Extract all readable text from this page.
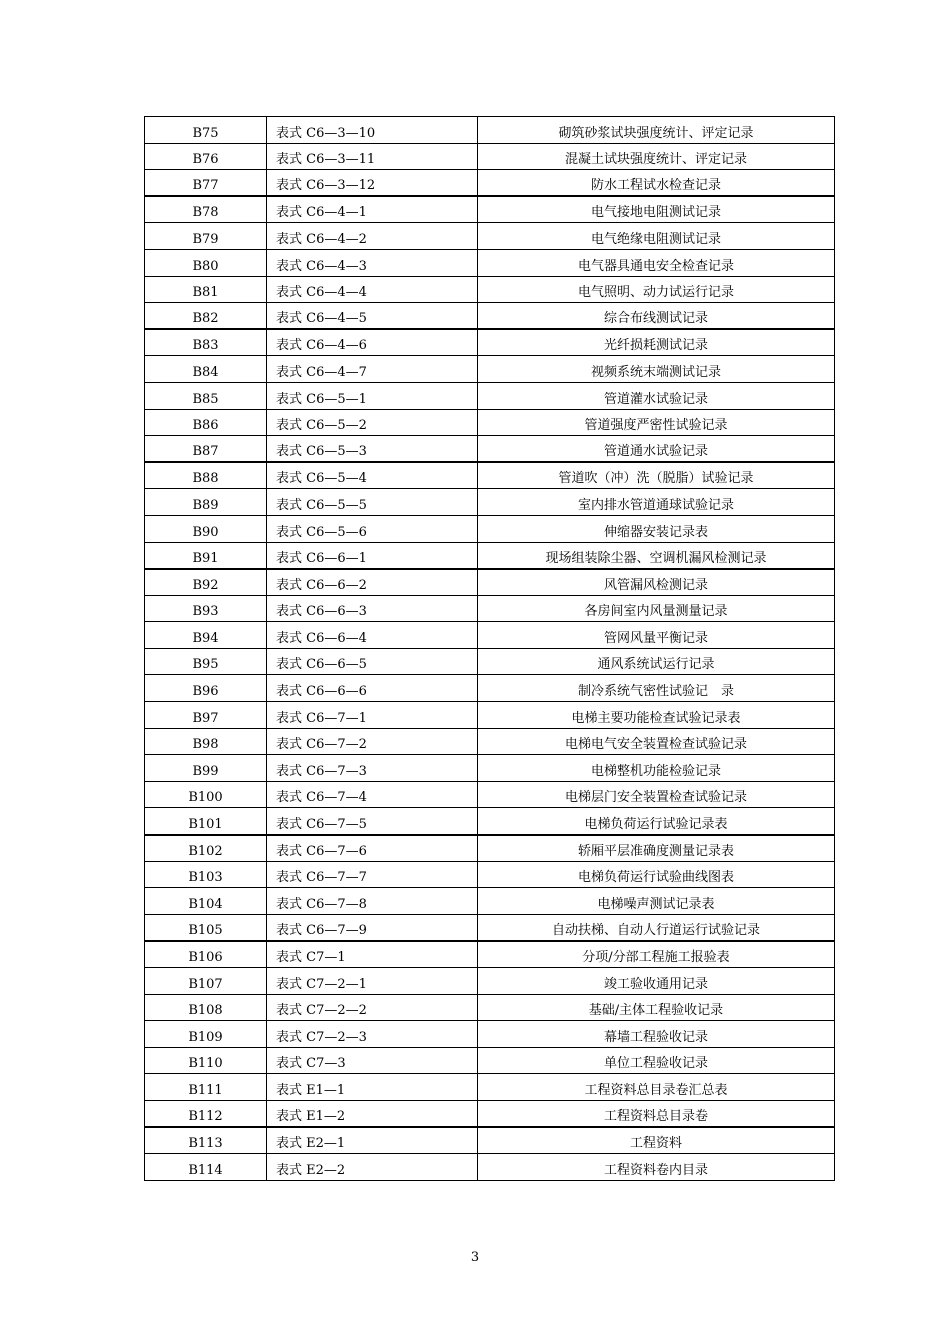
B75	表式 C6—3—10	砌筑砂浆试块强度统计、评定记录
B76	表式 C6—3—11	混凝土试块强度统计、评定记录
B77	表式 C6—3—12	防水工程试水检查记录
B78	表式 C6—4—1	电气接地电阻测试记录
B79	表式 C6—4—2	电气绝缘电阻测试记录
B80	表式 C6—4—3	电气器具通电安全检查记录
B81	表式 C6—4—4	电气照明、动力试运行记录
B82	表式 C6—4—5	综合布线测试记录
B83	表式 C6—4—6	光纤损耗测试记录
B84	表式 C6—4—7	视频系统末端测试记录
B85	表式 C6—5—1	管道灌水试验记录
B86	表式 C6—5—2	管道强度严密性试验记录
B87	表式 C6—5—3	管道通水试验记录
B88	表式 C6—5—4	管道吹（冲）洗（脱脂）试验记录
B89	表式 C6—5—5	室内排水管道通球试验记录
B90	表式 C6—5—6	伸缩器安装记录表
B91	表式 C6—6—1	现场组装除尘器、空调机漏风检测记录
B92	表式 C6—6—2	风管漏风检测记录
B93	表式 C6—6—3	各房间室内风量测量记录
B94	表式 C6—6—4	管网风量平衡记录
B95	表式 C6—6—5	通风系统试运行记录
B96	表式 C6—6—6	制冷系统气密性试验记　录
B97	表式 C6—7—1	电梯主要功能检查试验记录表
B98	表式 C6—7—2	电梯电气安全装置检查试验记录
B99	表式 C6—7—3	电梯整机功能检验记录
B100	表式 C6—7—4	电梯层门安全装置检查试验记录
B101	表式 C6—7—5	电梯负荷运行试验记录表
B102	表式 C6—7—6	轿厢平层准确度测量记录表
B103	表式 C6—7—7	电梯负荷运行试验曲线图表
B104	表式 C6—7—8	电梯噪声测试记录表
B105	表式 C6—7—9	自动扶梯、自动人行道运行试验记录
B106	表式 C7—1	分项/分部工程施工报验表
B107	表式 C7—2—1	竣工验收通用记录
B108	表式 C7—2—2	基础/主体工程验收记录
B109	表式 C7—2—3	幕墙工程验收记录
B110	表式 C7—3	单位工程验收记录
B111	表式 E1—1	工程资料总目录卷汇总表
B112	表式 E1—2	工程资料总目录卷
B113	表式 E2—1	工程资料
B114	表式 E2—2	工程资料卷内目录
3
